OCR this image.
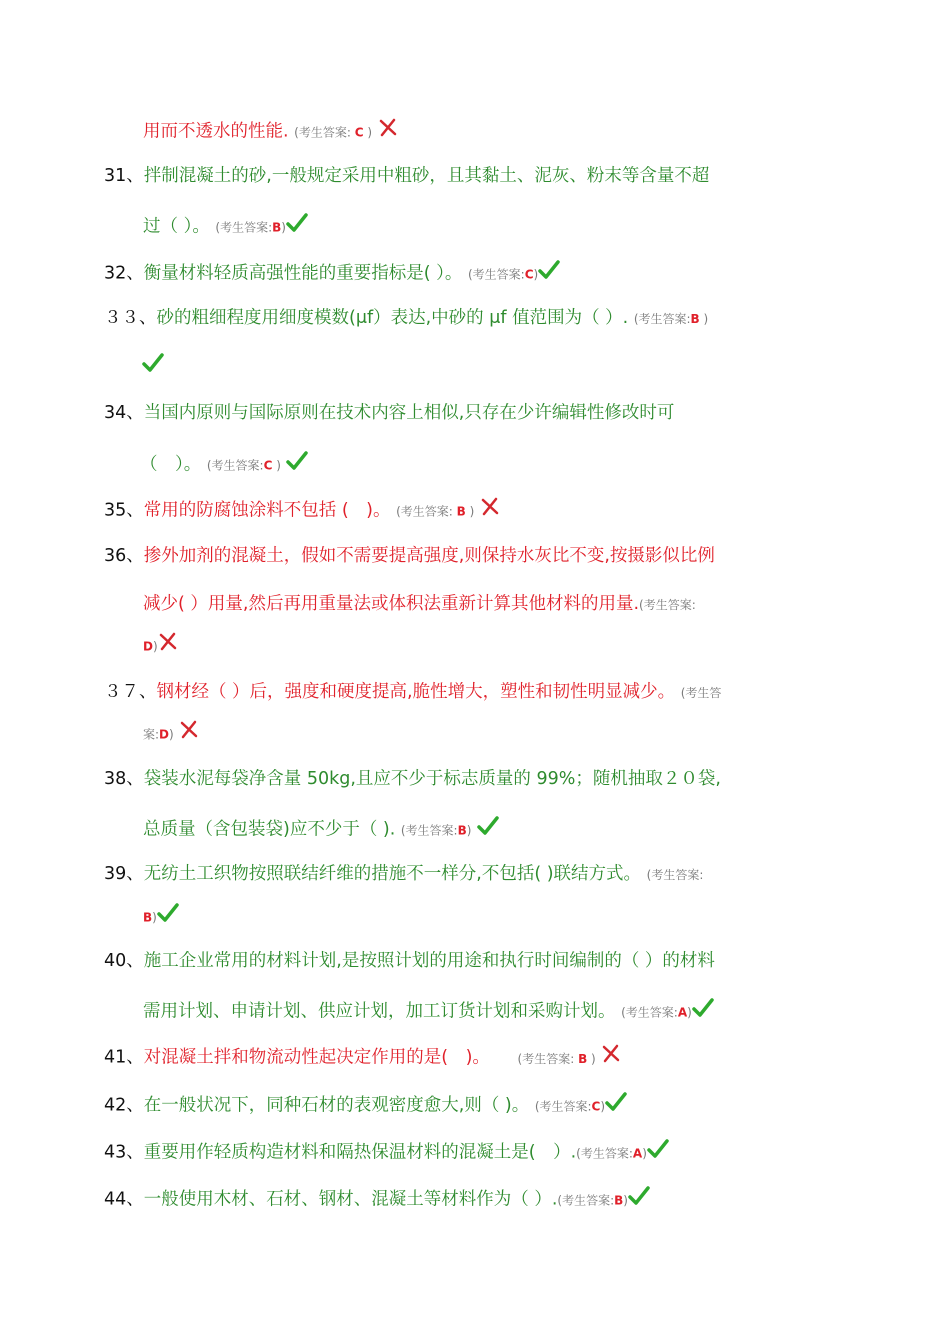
用而不透水的性能. (考生答案: C )
31、拌制混凝土的砂,一般规定采用中粗砂，且其黏土、泥灰、粉末等含量不超
过（ ）。 (考生答案:B)
32、衡量材料轻质高强性能的重要指标是( ）。 (考生答案:C)
３３、砂的粗细程度用细度模数(μf）表达,中砂的 μf 值范围为（ ）. (考生答案:B )
34、当国内原则与国际原则在技术内容上相似,只存在少许编辑性修改时可
（　）。 (考生答案:C )
35、常用的防腐蚀涂料不包括 (　)。 (考生答案: B )
36、掺外加剂的混凝土，假如不需要提高强度,则保持水灰比不变,按摄影似比例
减少( ）用量,然后再用重量法或体积法重新计算其他材料的用量.(考生答案:
D)
３７、钢材经（ ）后，强度和硬度提高,脆性增大，塑性和韧性明显减少。 (考生答
案:D)
38、袋装水泥每袋净含量 50kg,且应不少于标志质量的 99%；随机抽取２０袋,
总质量（含包装袋)应不少于（ ). (考生答案:B)
39、无纺土工织物按照联结纤维的措施不一样分,不包括( )联结方式。 (考生答案:
B)
40、施工企业常用的材料计划,是按照计划的用途和执行时间编制的（ ）的材料
需用计划、申请计划、供应计划，加工订货计划和采购计划。 (考生答案:A)
41、对混凝土拌和物流动性起决定作用的是(　)。 (考生答案: B )
42、在一般状况下，同种石材的表观密度愈大,则（ )。 (考生答案:C)
43、重要用作轻质构造材料和隔热保温材料的混凝土是(　）.(考生答案:A)
44、一般使用木材、石材、钢材、混凝土等材料作为（ ）.(考生答案:B)
